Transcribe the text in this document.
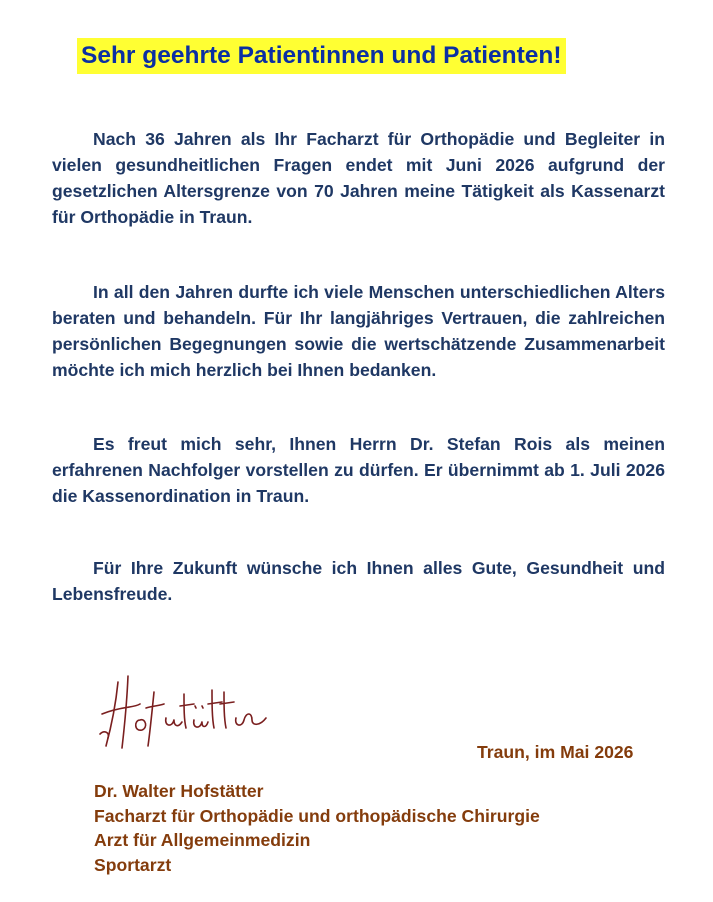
Sehr geehrte Patientinnen und Patienten!

Nach 36 Jahren als Ihr Facharzt für Orthopädie und Begleiter in vielen gesundheitlichen Fragen endet mit Juni 2026 aufgrund der gesetzlichen Altersgrenze von 70 Jahren meine Tätigkeit als Kassenarzt für Orthopädie in Traun.

In all den Jahren durfte ich viele Menschen unterschiedlichen Alters beraten und behandeln. Für Ihr langjähriges Vertrauen, die zahlreichen persönlichen Begegnungen sowie die wertschätzende Zusammenarbeit möchte ich mich herzlich bei Ihnen bedanken.

Es freut mich sehr, Ihnen Herrn Dr. Stefan Rois als meinen erfahrenen Nachfolger vorstellen zu dürfen. Er übernimmt ab 1. Juli 2026 die Kassenordination in Traun.

Für Ihre Zukunft wünsche ich Ihnen alles Gute, Gesundheit und Lebensfreude.

Traun, im Mai 2026
Dr. Walter Hofstätter
Facharzt für Orthopädie und orthopädische Chirurgie
Arzt für Allgemeinmedizin
Sportarzt
